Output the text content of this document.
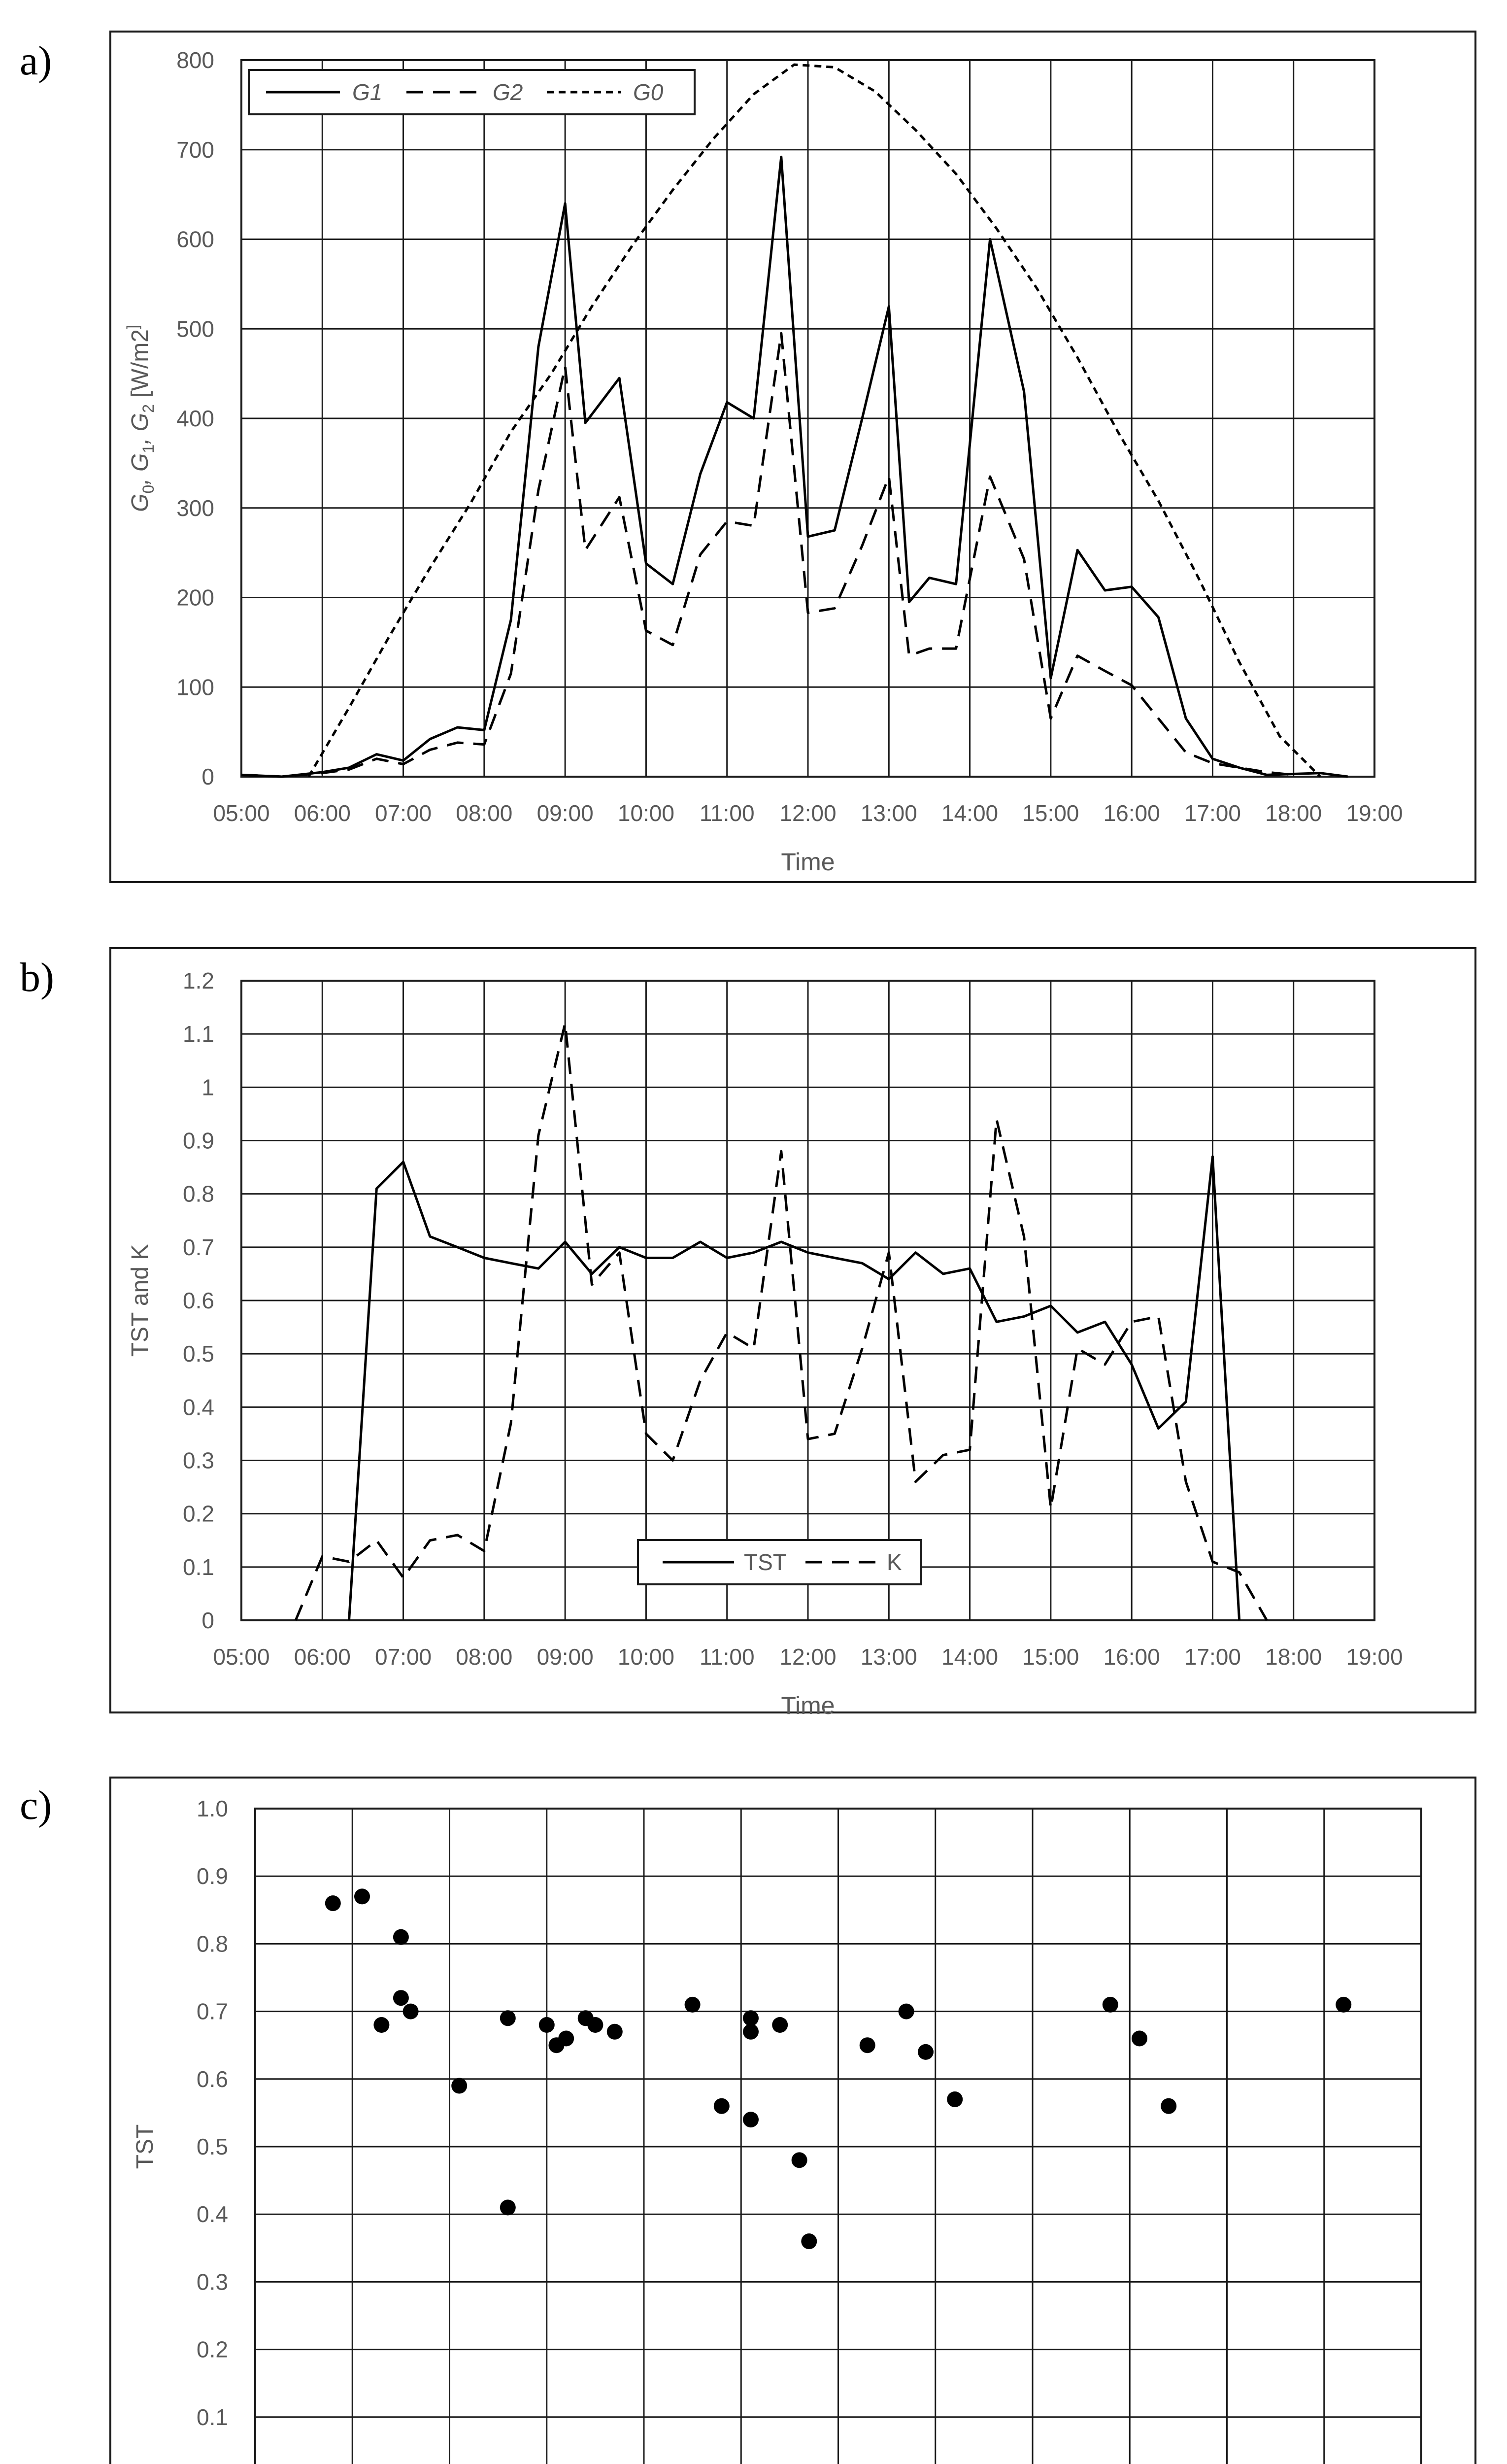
a)
b)
c)
0
100
200
300
400
500
600
700
800
05:00 06:00 07:00 08:00 09:00 10:00 11:00 12:00 13:00 14:00 15:00 16:00 17:00 18:00 19:00
Time
$G_0$, $G_1$, $G_2$ [W/m2]
G1	G2	G0
0
0.1
0.2
0.3
0.4
0.5
0.6
0.7
0.8
0.9
1
1.1
1.2
05:00 06:00 07:00 08:00 09:00 10:00 11:00 12:00 13:00 14:00 15:00 16:00 17:00 18:00 19:00
Time
TST and K
TST	K
0.1
0.2
0.3
0.4
0.5
0.6
0.7
0.8
0.9
1.0
TST
